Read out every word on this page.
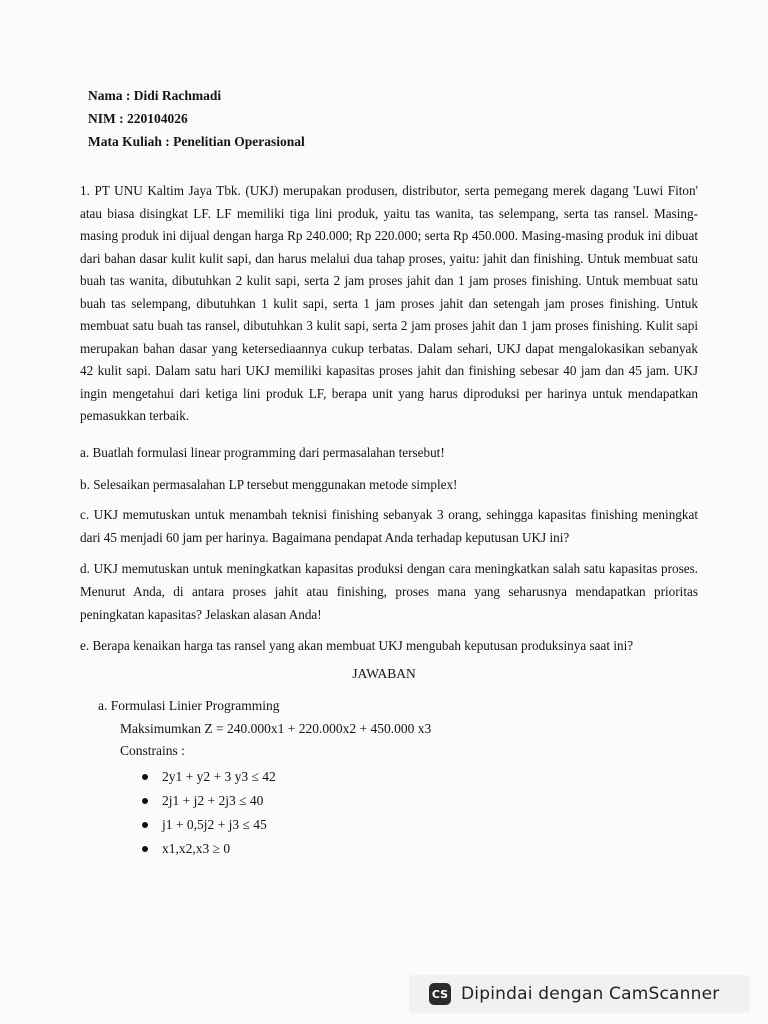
Nama : Didi Rachmadi
NIM : 220104026
Mata Kuliah : Penelitian Operasional
1. PT UNU Kaltim Jaya Tbk. (UKJ) merupakan produsen, distributor, serta pemegang merek dagang 'Luwi Fiton' atau biasa disingkat LF. LF memiliki tiga lini produk, yaitu tas wanita, tas selempang, serta tas ransel. Masing-masing produk ini dijual dengan harga Rp 240.000; Rp 220.000; serta Rp 450.000. Masing-masing produk ini dibuat dari bahan dasar kulit kulit sapi, dan harus melalui dua tahap proses, yaitu: jahit dan finishing. Untuk membuat satu buah tas wanita, dibutuhkan 2 kulit sapi, serta 2 jam proses jahit dan 1 jam proses finishing. Untuk membuat satu buah tas selempang, dibutuhkan 1 kulit sapi, serta 1 jam proses jahit dan setengah jam proses finishing. Untuk membuat satu buah tas ransel, dibutuhkan 3 kulit sapi, serta 2 jam proses jahit dan 1 jam proses finishing. Kulit sapi merupakan bahan dasar yang ketersediaannya cukup terbatas. Dalam sehari, UKJ dapat mengalokasikan sebanyak 42 kulit sapi. Dalam satu hari UKJ memiliki kapasitas proses jahit dan finishing sebesar 40 jam dan 45 jam. UKJ ingin mengetahui dari ketiga lini produk LF, berapa unit yang harus diproduksi per harinya untuk mendapatkan pemasukkan terbaik.
a. Buatlah formulasi linear programming dari permasalahan tersebut!
b. Selesaikan permasalahan LP tersebut menggunakan metode simplex!
c. UKJ memutuskan untuk menambah teknisi finishing sebanyak 3 orang, sehingga kapasitas finishing meningkat dari 45 menjadi 60 jam per harinya. Bagaimana pendapat Anda terhadap keputusan UKJ ini?
d. UKJ memutuskan untuk meningkatkan kapasitas produksi dengan cara meningkatkan salah satu kapasitas proses. Menurut Anda, di antara proses jahit atau finishing, proses mana yang seharusnya mendapatkan prioritas peningkatan kapasitas? Jelaskan alasan Anda!
e. Berapa kenaikan harga tas ransel yang akan membuat UKJ mengubah keputusan produksinya saat ini?
JAWABAN
a. Formulasi Linier Programming
Maksimumkan Z = 240.000x1 + 220.000x2 + 450.000 x3
Constrains :
2y1 + y2 + 3 y3 ≤ 42
2j1 + j2 + 2j3 ≤ 40
j1 + 0,5j2 + j3 ≤ 45
x1,x2,x3 ≥ 0
CS Dipindai dengan CamScanner
